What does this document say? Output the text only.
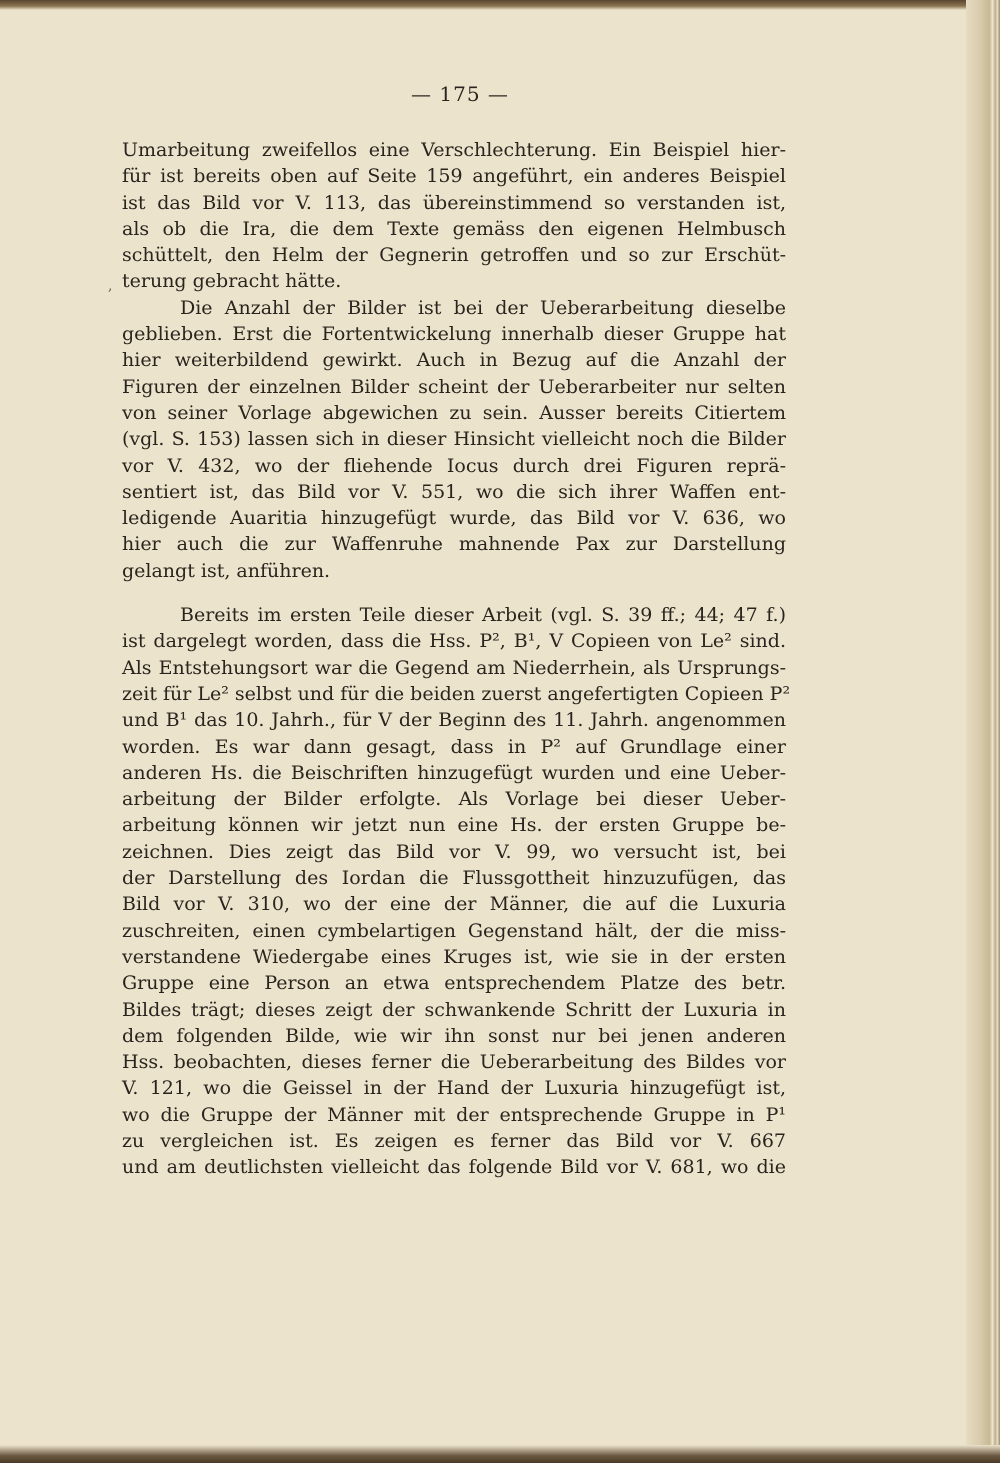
— 175 —
,
Umarbeitung zweifellos eine Verschlechterung. Ein Beispiel hier-
für ist bereits oben auf Seite 159 angeführt, ein anderes Beispiel
ist das Bild vor V. 113, das übereinstimmend so verstanden ist,
als ob die Ira, die dem Texte gemäss den eigenen Helmbusch
schüttelt, den Helm der Gegnerin getroffen und so zur Erschüt-
terung gebracht hätte.
Die Anzahl der Bilder ist bei der Ueberarbeitung dieselbe
geblieben. Erst die Fortentwickelung innerhalb dieser Gruppe hat
hier weiterbildend gewirkt. Auch in Bezug auf die Anzahl der
Figuren der einzelnen Bilder scheint der Ueberarbeiter nur selten
von seiner Vorlage abgewichen zu sein. Ausser bereits Citiertem
(vgl. S. 153) lassen sich in dieser Hinsicht vielleicht noch die Bilder
vor V. 432, wo der fliehende Iocus durch drei Figuren reprä-
sentiert ist, das Bild vor V. 551, wo die sich ihrer Waffen ent-
ledigende Auaritia hinzugefügt wurde, das Bild vor V. 636, wo
hier auch die zur Waffenruhe mahnende Pax zur Darstellung
gelangt ist, anführen.
Bereits im ersten Teile dieser Arbeit (vgl. S. 39 ff.; 44; 47 f.)
ist dargelegt worden, dass die Hss. P², B¹, V Copieen von Le² sind.
Als Entstehungsort war die Gegend am Niederrhein, als Ursprungs-
zeit für Le² selbst und für die beiden zuerst angefertigten Copieen P²
und B¹ das 10. Jahrh., für V der Beginn des 11. Jahrh. angenommen
worden. Es war dann gesagt, dass in P² auf Grundlage einer
anderen Hs. die Beischriften hinzugefügt wurden und eine Ueber-
arbeitung der Bilder erfolgte. Als Vorlage bei dieser Ueber-
arbeitung können wir jetzt nun eine Hs. der ersten Gruppe be-
zeichnen. Dies zeigt das Bild vor V. 99, wo versucht ist, bei
der Darstellung des Iordan die Flussgottheit hinzuzufügen, das
Bild vor V. 310, wo der eine der Männer, die auf die Luxuria
zuschreiten, einen cymbelartigen Gegenstand hält, der die miss-
verstandene Wiedergabe eines Kruges ist, wie sie in der ersten
Gruppe eine Person an etwa entsprechendem Platze des betr.
Bildes trägt; dieses zeigt der schwankende Schritt der Luxuria in
dem folgenden Bilde, wie wir ihn sonst nur bei jenen anderen
Hss. beobachten, dieses ferner die Ueberarbeitung des Bildes vor
V. 121, wo die Geissel in der Hand der Luxuria hinzugefügt ist,
wo die Gruppe der Männer mit der entsprechende Gruppe in P¹
zu vergleichen ist. Es zeigen es ferner das Bild vor V. 667
und am deutlichsten vielleicht das folgende Bild vor V. 681, wo die
